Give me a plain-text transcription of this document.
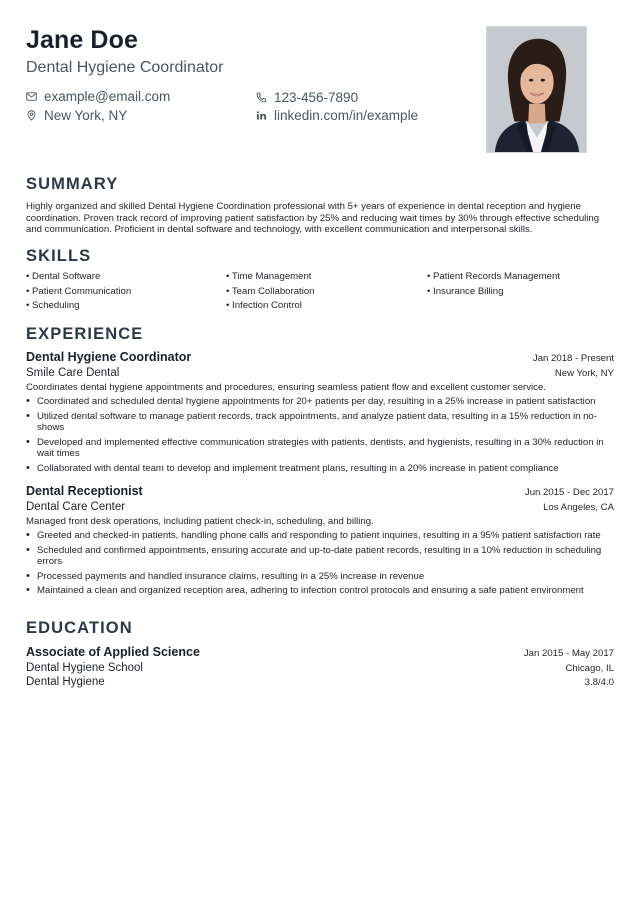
Jane Doe
Dental Hygiene Coordinator
example@email.com	123-456-7890
New York, NY	linkedin.com/in/example
SUMMARY

Highly organized and skilled Dental Hygiene Coordination professional with 5+ years of experience in dental reception and hygiene coordination. Proven track record of improving patient satisfaction by 25% and reducing wait times by 30% through effective scheduling and communication. Proficient in dental software and technology, with excellent communication and interpersonal skills.

SKILLS
• Dental Software	• Time Management	• Patient Records Management
• Patient Communication	• Team Collaboration	• Insurance Billing
• Scheduling	• Infection Control
EXPERIENCE
Dental Hygiene Coordinator	Jan 2018 - Present
Smile Care Dental	New York, NY
Coordinates dental hygiene appointments and procedures, ensuring seamless patient flow and excellent customer service.
• Coordinated and scheduled dental hygiene appointments for 20+ patients per day, resulting in a 25% increase in patient satisfaction
• Utilized dental software to manage patient records, track appointments, and analyze patient data, resulting in a 15% reduction in no-shows
• Developed and implemented effective communication strategies with patients, dentists, and hygienists, resulting in a 30% reduction in wait times
• Collaborated with dental team to develop and implement treatment plans, resulting in a 20% increase in patient compliance
Dental Receptionist	Jun 2015 - Dec 2017
Dental Care Center	Los Angeles, CA
Managed front desk operations, including patient check-in, scheduling, and billing.
• Greeted and checked-in patients, handling phone calls and responding to patient inquiries, resulting in a 95% patient satisfaction rate
• Scheduled and confirmed appointments, ensuring accurate and up-to-date patient records, resulting in a 10% reduction in scheduling errors
• Processed payments and handled insurance claims, resulting in a 25% increase in revenue
• Maintained a clean and organized reception area, adhering to infection control protocols and ensuring a safe patient environment
EDUCATION
Associate of Applied Science	Jan 2015 - May 2017
Dental Hygiene School	Chicago, IL
Dental Hygiene	3.8/4.0
